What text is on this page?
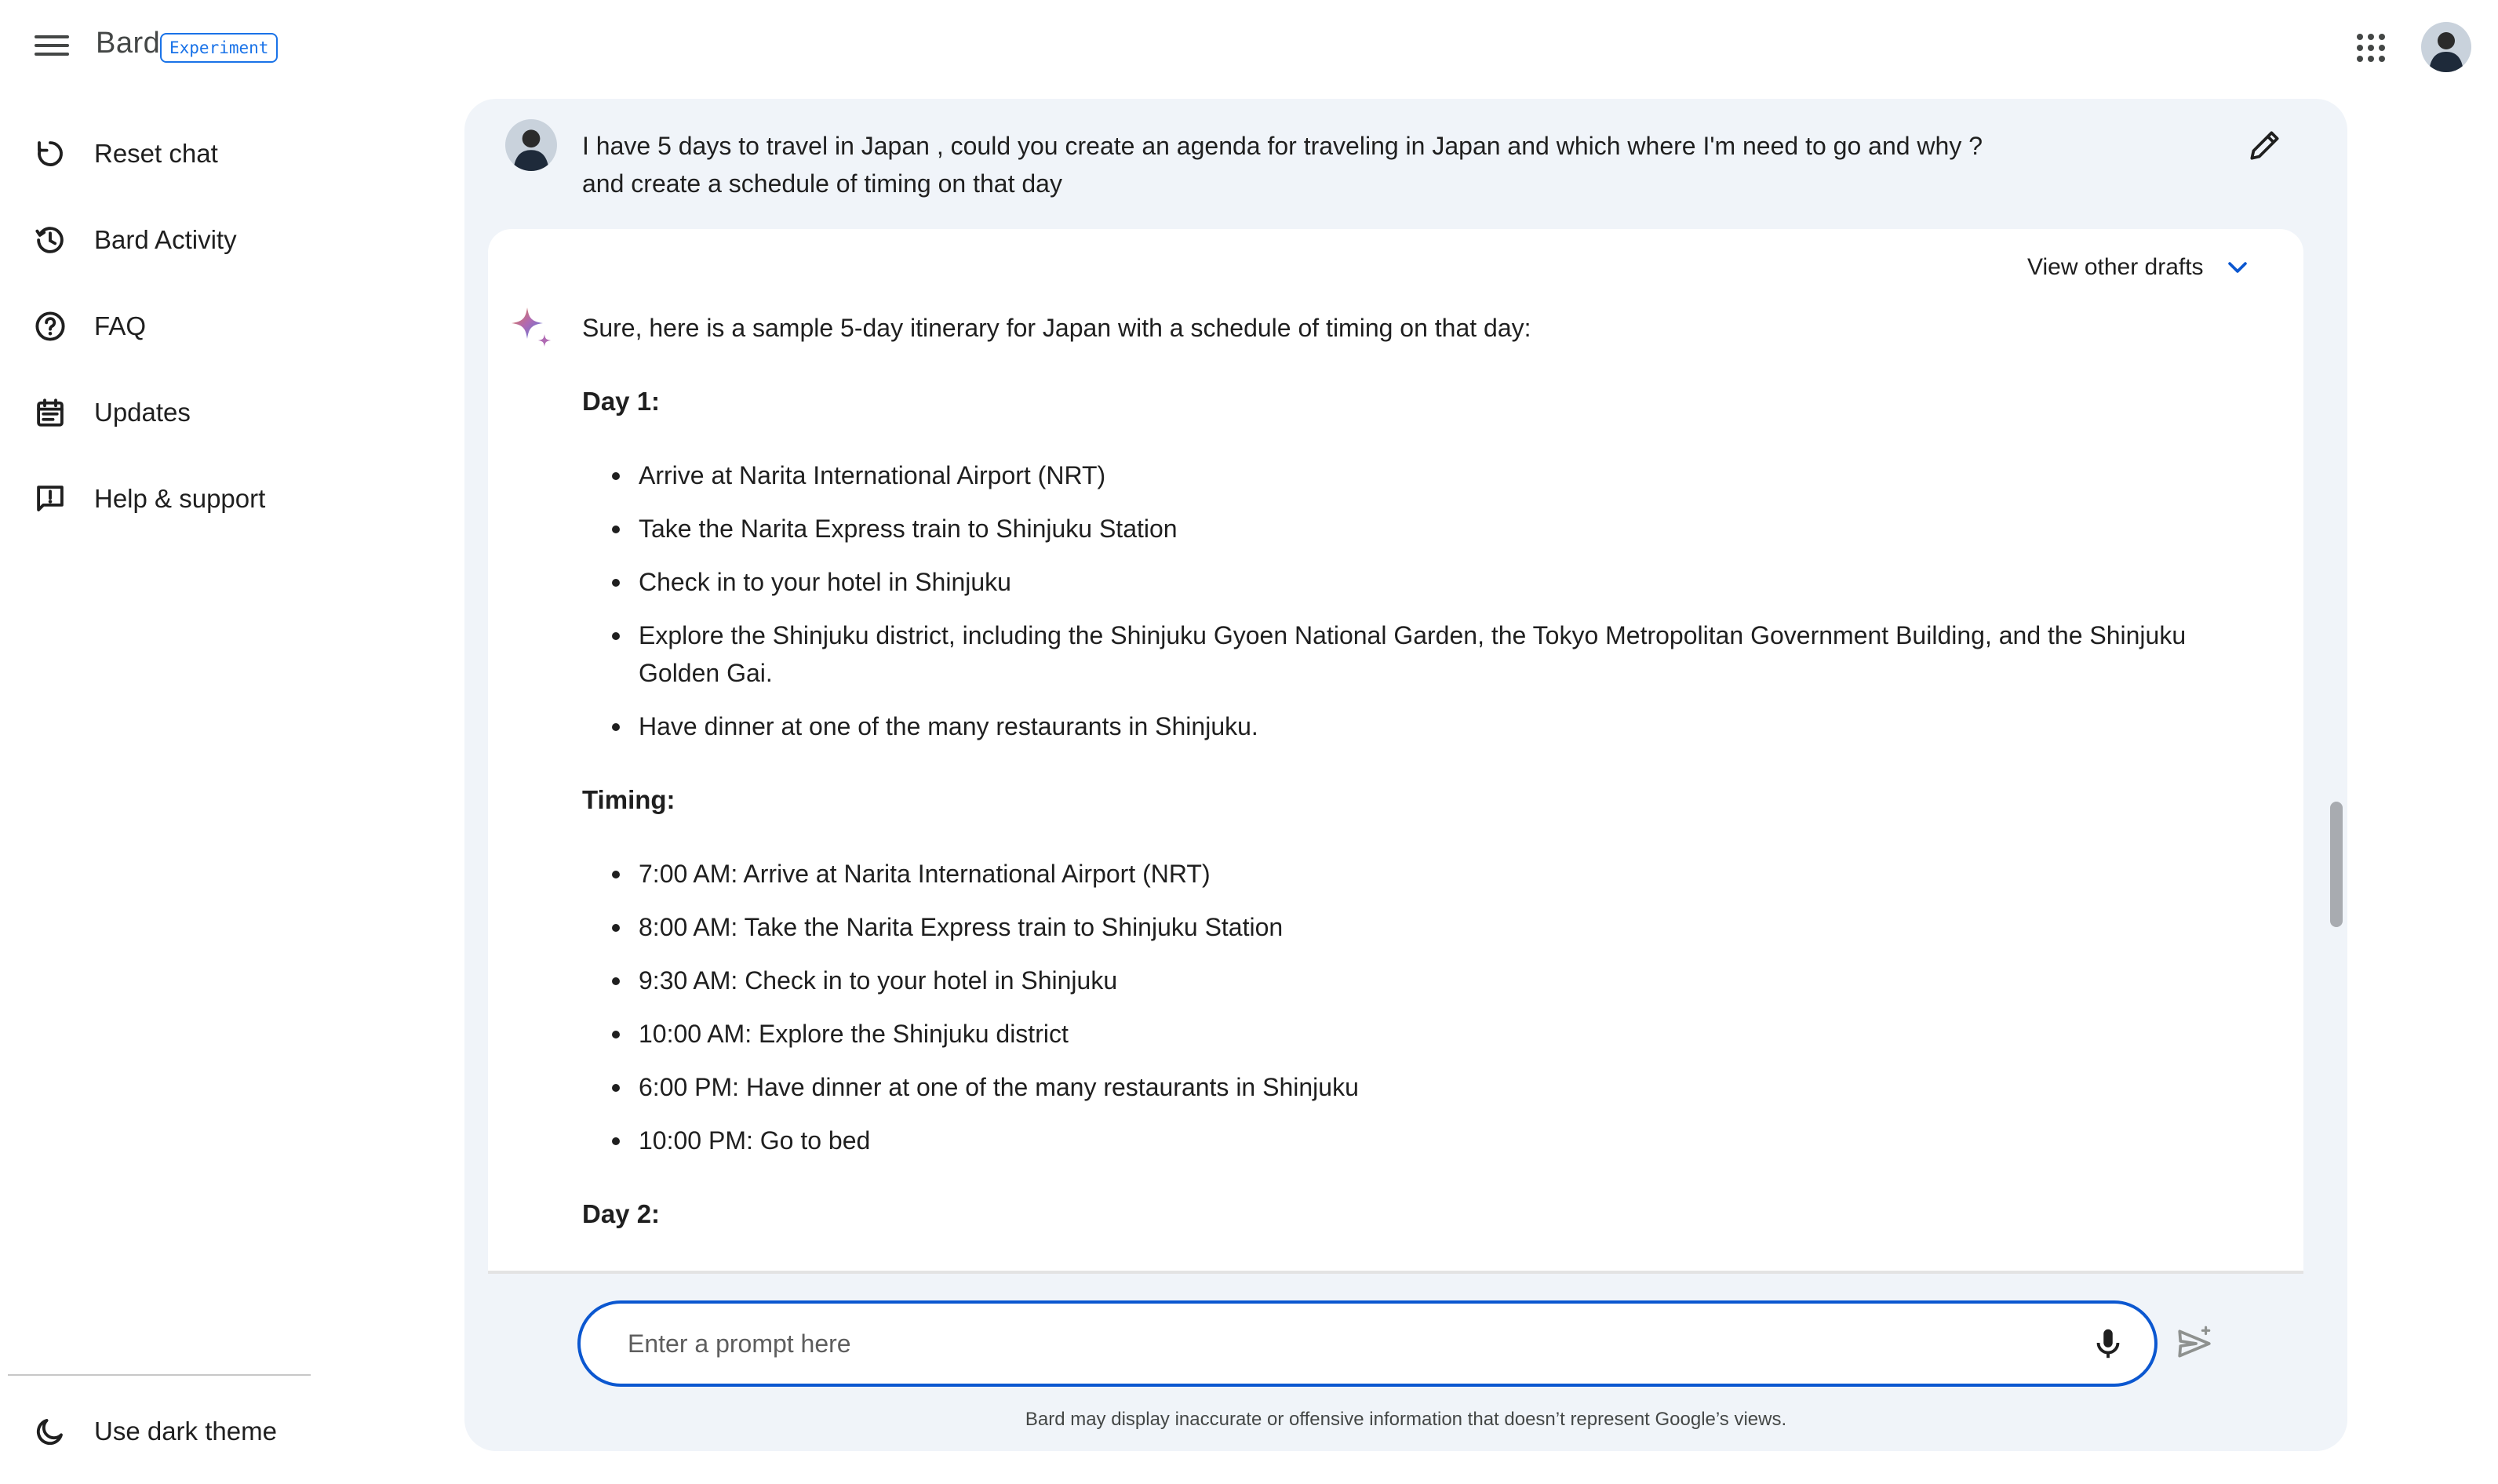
Bard Experiment
Reset chat
Bard Activity
FAQ
Updates
Help & support
Use dark theme
I have 5 days to travel in Japan , could you create an agenda for traveling in Japan and which where I'm need to go and why ?
and create a schedule of timing on that day
View other drafts

Sure, here is a sample 5-day itinerary for Japan with a schedule of timing on that day:

Day 1:
Arrive at Narita International Airport (NRT)
Take the Narita Express train to Shinjuku Station
Check in to your hotel in Shinjuku
Explore the Shinjuku district, including the Shinjuku Gyoen National Garden, the Tokyo Metropolitan Government Building, and the Shinjuku Golden Gai.
Have dinner at one of the many restaurants in Shinjuku.
Timing:
7:00 AM: Arrive at Narita International Airport (NRT)
8:00 AM: Take the Narita Express train to Shinjuku Station
9:30 AM: Check in to your hotel in Shinjuku
10:00 AM: Explore the Shinjuku district
6:00 PM: Have dinner at one of the many restaurants in Shinjuku
10:00 PM: Go to bed
Day 2:
Enter a prompt here
Bard may display inaccurate or offensive information that doesn’t represent Google’s views.
